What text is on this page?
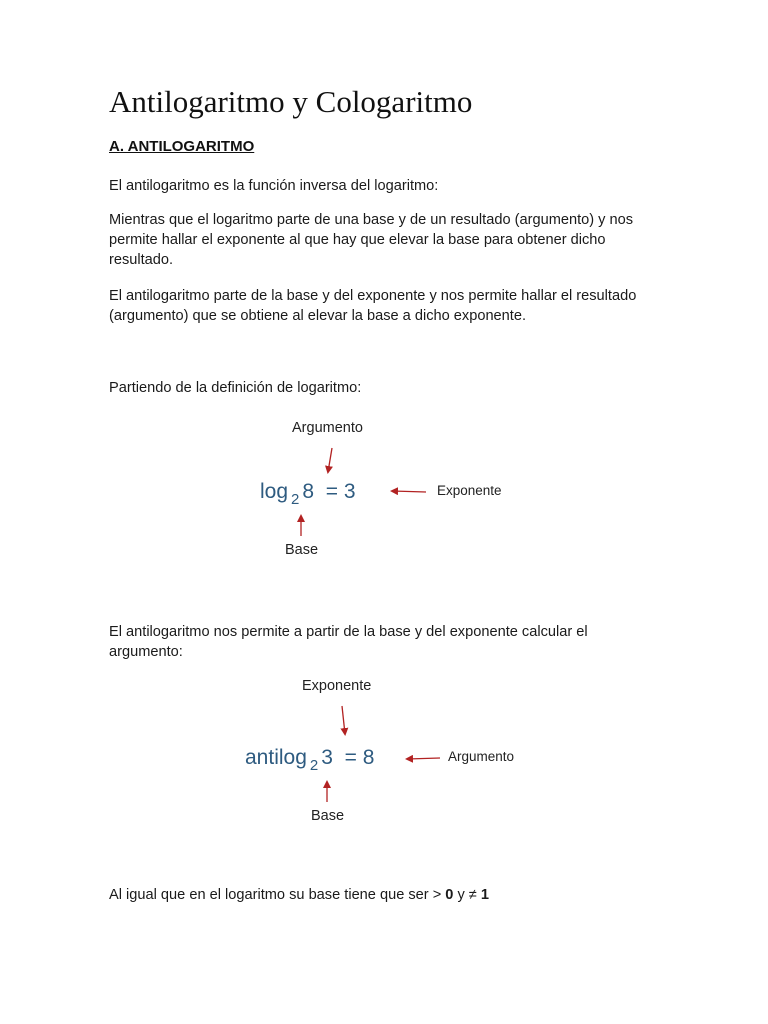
Antilogaritmo y Cologaritmo
A. ANTILOGARITMO
El antilogaritmo es la función inversa del logaritmo:
Mientras que el logaritmo parte de una base y de un resultado (argumento) y nos permite hallar el exponente al que hay que elevar la base para obtener dicho resultado.
El antilogaritmo parte de la base y del exponente y nos permite hallar el resultado (argumento) que se obtiene al elevar la base a dicho exponente.
Partiendo de la definición de logaritmo:
Argumento
log $_2$ 8 = 3	Exponente
Base
El antilogaritmo nos permite a partir de la base y del exponente calcular el argumento:
Exponente
antilog $_2$ 3 = 8	Argumento
Base
Al igual que en el logaritmo su base tiene que ser > 0 y ≠ 1
